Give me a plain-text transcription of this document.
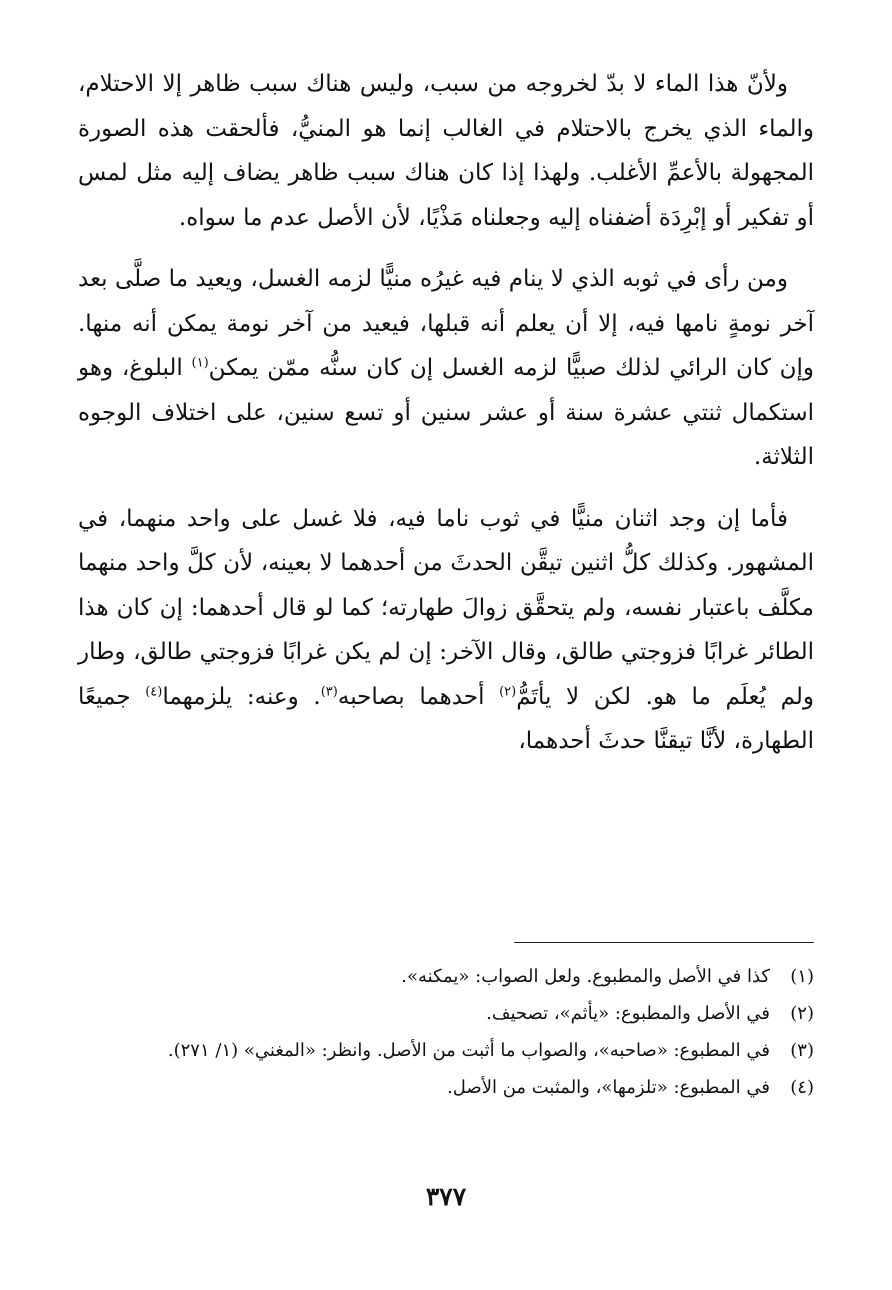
ولأنّ هذا الماء لا بدّ لخروجه من سبب، وليس هناك سبب ظاهر إلا الاحتلام، والماء الذي يخرج بالاحتلام في الغالب إنما هو المنيُّ، فألحقت هذه الصورة المجهولة بالأعمِّ الأغلب. ولهذا إذا كان هناك سبب ظاهر يضاف إليه مثل لمس أو تفكير أو إبْرِدَة أضفناه إليه وجعلناه مَذْيًا، لأن الأصل عدم ما سواه.

ومن رأى في ثوبه الذي لا ينام فيه غيرُه منيًّا لزمه الغسل، ويعيد ما صلَّى بعد آخر نومةٍ نامها فيه، إلا أن يعلم أنه قبلها، فيعيد من آخر نومة يمكن أنه منها. وإن كان الرائي لذلك صبيًّا لزمه الغسل إن كان سنُّه ممّن يمكن$^{(١)}$ البلوغ، وهو استكمال ثنتي عشرة سنة أو عشر سنين أو تسع سنين، على اختلاف الوجوه الثلاثة.

فأما إن وجد اثنان منيًّا في ثوب ناما فيه، فلا غسل على واحد منهما، في المشهور. وكذلك كلُّ اثنين تيقَّن الحدثَ من أحدهما لا بعينه، لأن كلَّ واحد منهما مكلَّف باعتبار نفسه، ولم يتحقَّق زوالَ طهارته؛ كما لو قال أحدهما: إن كان هذا الطائر غرابًا فزوجتي طالق، وقال الآخر: إن لم يكن غرابًا فزوجتي طالق، وطار ولم يُعلَم ما هو. لكن لا يأتَمُّ$^{(٢)}$ أحدهما بصاحبه$^{(٣)}$. وعنه: يلزمهما$^{(٤)}$ جميعًا الطهارة، لأنَّا تيقنَّا حدثَ أحدهما،

(١)
كذا في الأصل والمطبوع. ولعل الصواب: «يمكنه».
(٢)
في الأصل والمطبوع: «يأثم»، تصحيف.
(٣)
في المطبوع: «صاحبه»، والصواب ما أثبت من الأصل. وانظر: «المغني» (١/ ٢٧١).
(٤)
في المطبوع: «تلزمها»، والمثبت من الأصل.
٣٧٧
